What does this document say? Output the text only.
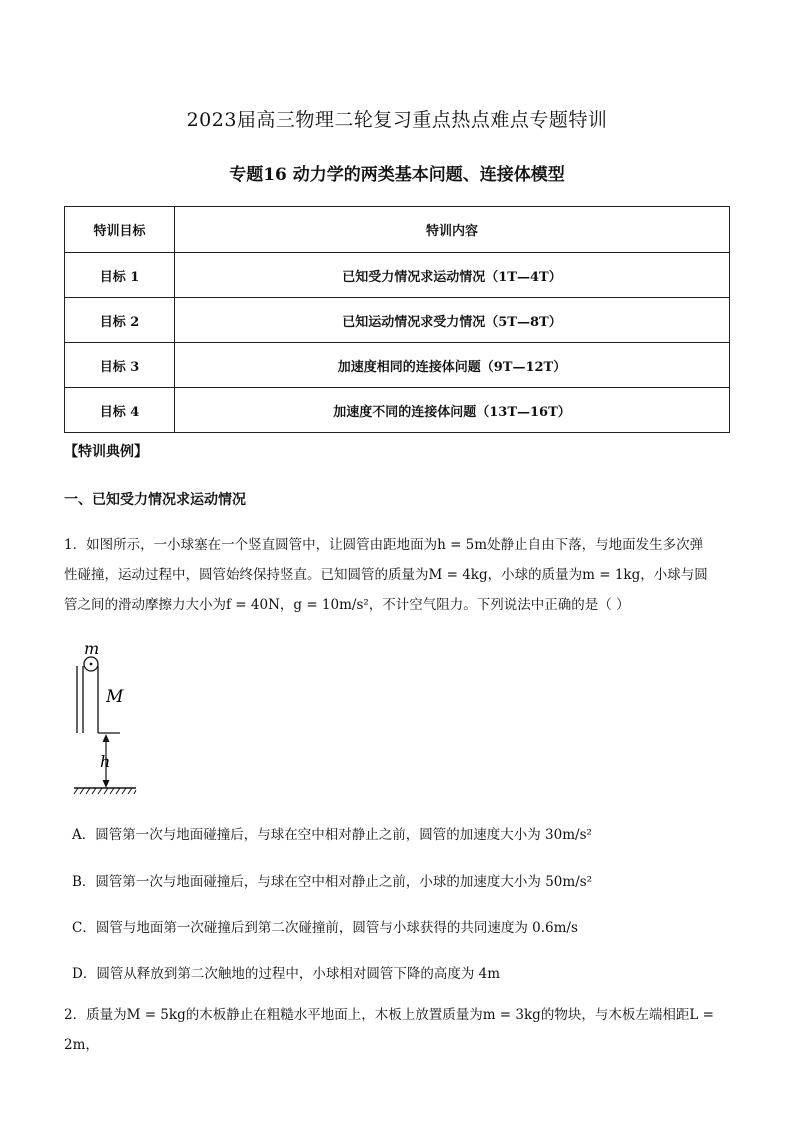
2023届高三物理二轮复习重点热点难点专题特训
专题16 动力学的两类基本问题、连接体模型
特训目标	特训内容
目标 1	已知受力情况求运动情况（1T—4T）
目标 2	已知运动情况求受力情况（5T—8T）
目标 3	加速度相同的连接体问题（9T—12T）
目标 4	加速度不同的连接体问题（13T—16T）
【特训典例】
一、已知受力情况求运动情况
1．如图所示，一小球塞在一个竖直圆管中，让圆管由距地面为h = 5m处静止自由下落，与地面发生多次弹
性碰撞，运动过程中，圆管始终保持竖直。已知圆管的质量为M = 4kg，小球的质量为m = 1kg，小球与圆
管之间的滑动摩擦力大小为f = 40N，g = 10m/s²，不计空气阻力。下列说法中正确的是（ ）
m
M
h
A．圆管第一次与地面碰撞后，与球在空中相对静止之前，圆管的加速度大小为 30m/s²
B．圆管第一次与地面碰撞后，与球在空中相对静止之前，小球的加速度大小为 50m/s²
C．圆管与地面第一次碰撞后到第二次碰撞前，圆管与小球获得的共同速度为 0.6m/s
D．圆管从释放到第二次触地的过程中，小球相对圆管下降的高度为 4m
2．质量为M = 5kg的木板静止在粗糙水平地面上，木板上放置质量为m = 3kg的物块，与木板左端相距L = 2m，
